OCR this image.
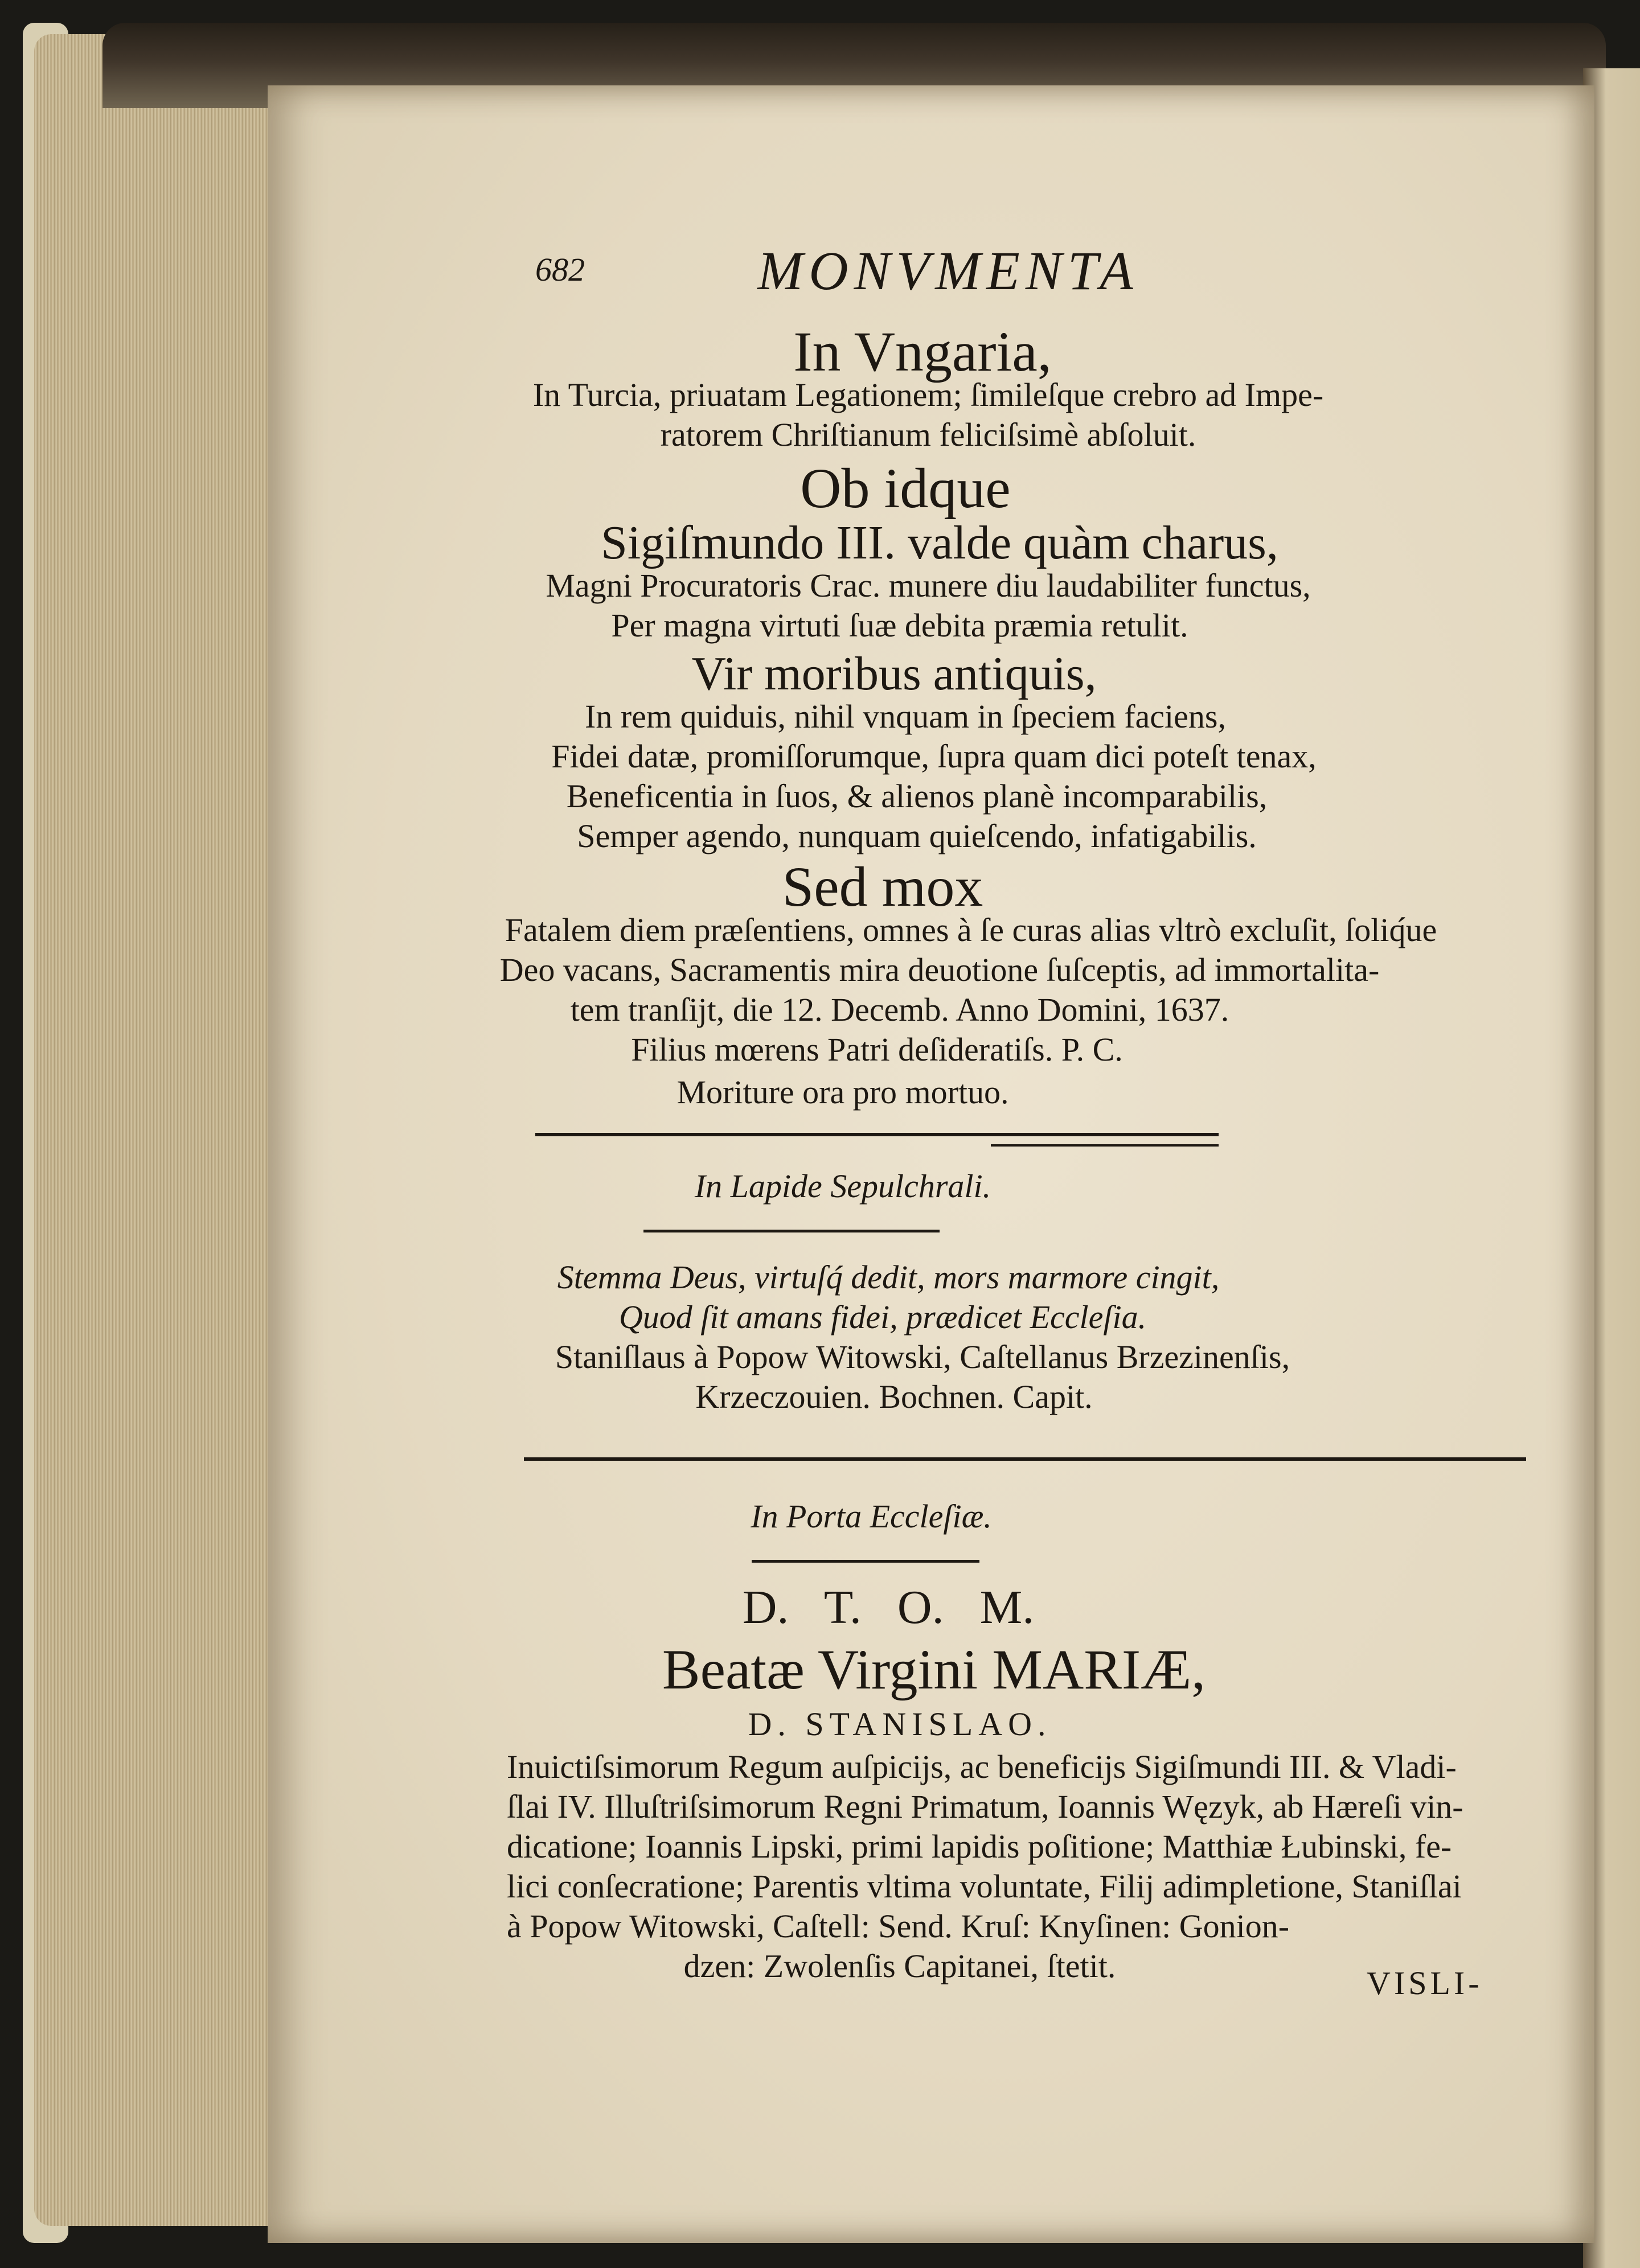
682	MONVMENTA
In Vngaria,
In Turcia, priuatam Legationem; ſimileſque crebro ad Impe-
ratorem Chriſtianum feliciſsimè abſoluit.
Ob idque
Sigiſmundo III. valde quàm charus,
Magni Procuratoris Crac. munere diu laudabiliter functus,
Per magna virtuti ſuæ debita præmia retulit.
Vir moribus antiquis,
In rem quiduis, nihil vnquam in ſpeciem faciens,
Fidei datæ, promiſſorumque, ſupra quam dici poteſt tenax,
Beneficentia in ſuos, & alienos planè incomparabilis,
Semper agendo, nunquam quieſcendo, infatigabilis.
Sed mox
Fatalem diem præſentiens, omnes à ſe curas alias vltrò excluſit, ſoliq́ue
Deo vacans, Sacramentis mira deuotione ſuſceptis, ad immortalita-
tem tranſijt, die 12. Decemb. Anno Domini, 1637.
Filius mœrens Patri deſideratiſs. P. C.
Moriture ora pro mortuo.
In Lapide Sepulchrali.
Stemma Deus, virtuſq́ dedit, mors marmore cingit,
Quod ſit amans fidei, prædicet Eccleſia.
Staniſlaus à Popow Witowski, Caſtellanus Brzezinenſis,
Krzeczouien. Bochnen. Capit.
In Porta Eccleſiæ.
D.   T.   O.   M.
Beatæ Virgini MARIÆ,
D. STANISLAO.
Inuictiſsimorum Regum auſpicijs, ac beneficijs Sigiſmundi III. & Vladi-
ſlai IV. Illuſtriſsimorum Regni Primatum, Ioannis Węzyk, ab Hæreſi vin-
dicatione; Ioannis Lipski, primi lapidis poſitione; Matthiæ Łubinski, fe-
lici conſecratione; Parentis vltima voluntate, Filij adimpletione, Staniſlai
à Popow Witowski, Caſtell: Send. Kruſ: Knyſinen: Gonion-
dzen: Zwolenſis Capitanei, ſtetit.	VISLI-
